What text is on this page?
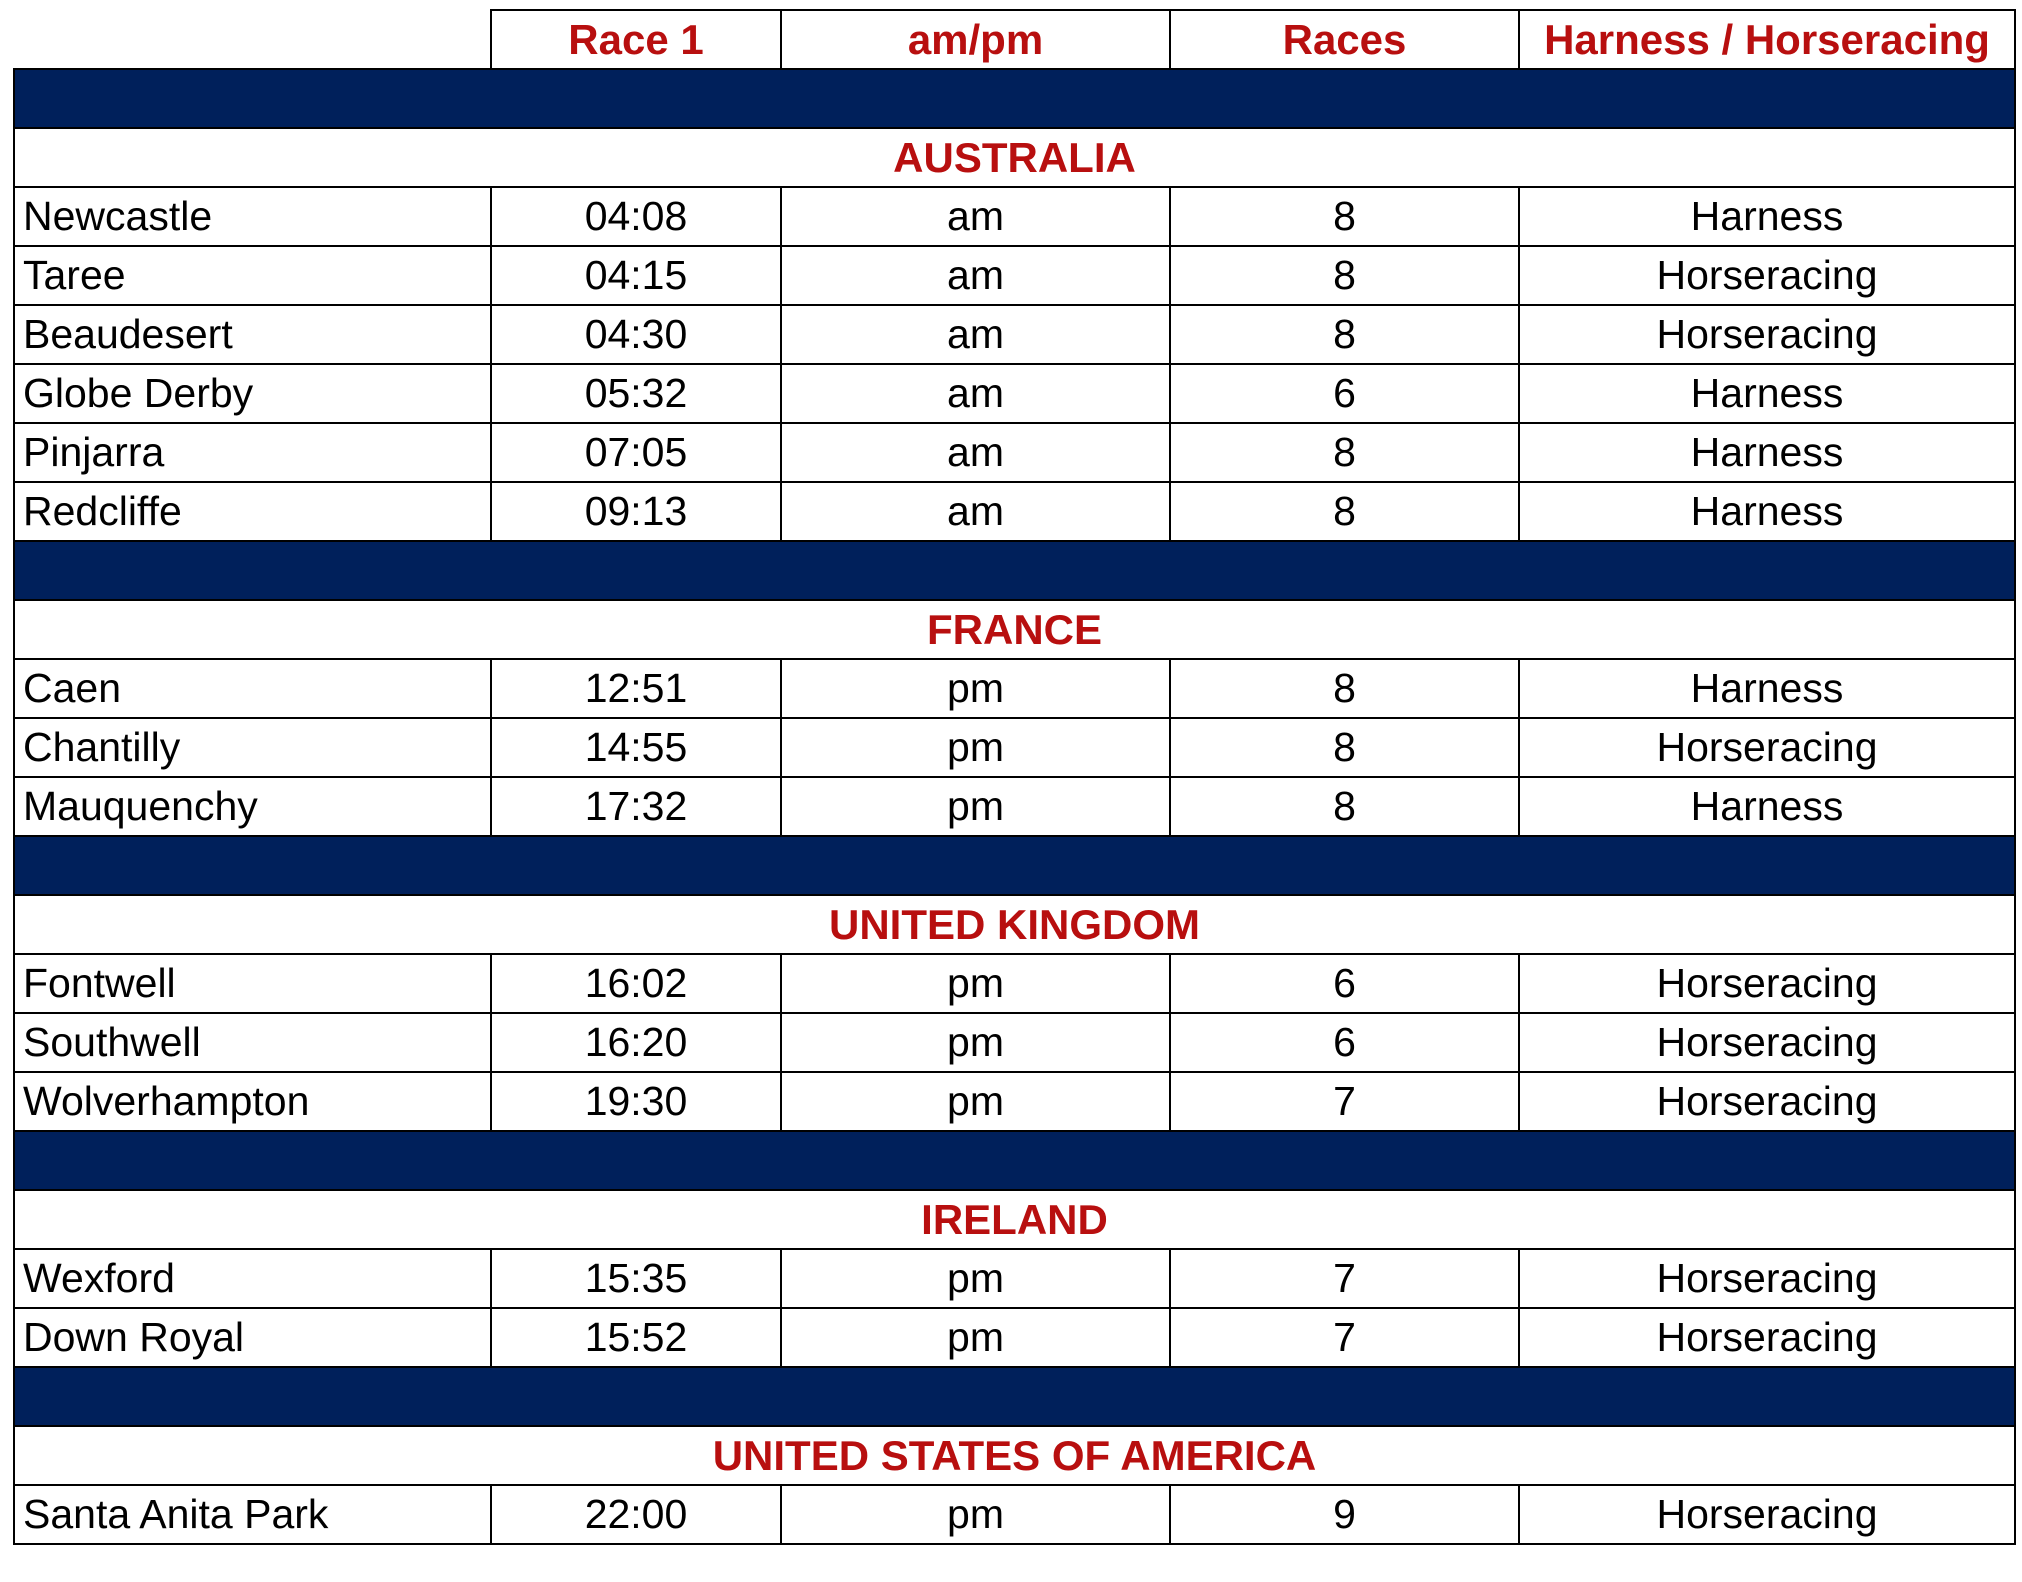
	Race 1	am/pm	Races	Harness / Horseracing

AUSTRALIA				
Newcastle	04:08	am	8	Harness
Taree	04:15	am	8	Horseracing
Beaudesert	04:30	am	8	Horseracing
Globe Derby	05:32	am	6	Harness
Pinjarra	07:05	am	8	Harness
Redcliffe	09:13	am	8	Harness

FRANCE				
Caen	12:51	pm	8	Harness
Chantilly	14:55	pm	8	Horseracing
Mauquenchy	17:32	pm	8	Harness

UNITED KINGDOM				
Fontwell	16:02	pm	6	Horseracing
Southwell	16:20	pm	6	Horseracing
Wolverhampton	19:30	pm	7	Horseracing

IRELAND				
Wexford	15:35	pm	7	Horseracing
Down Royal	15:52	pm	7	Horseracing

UNITED STATES OF AMERICA				
Santa Anita Park	22:00	pm	9	Horseracing
